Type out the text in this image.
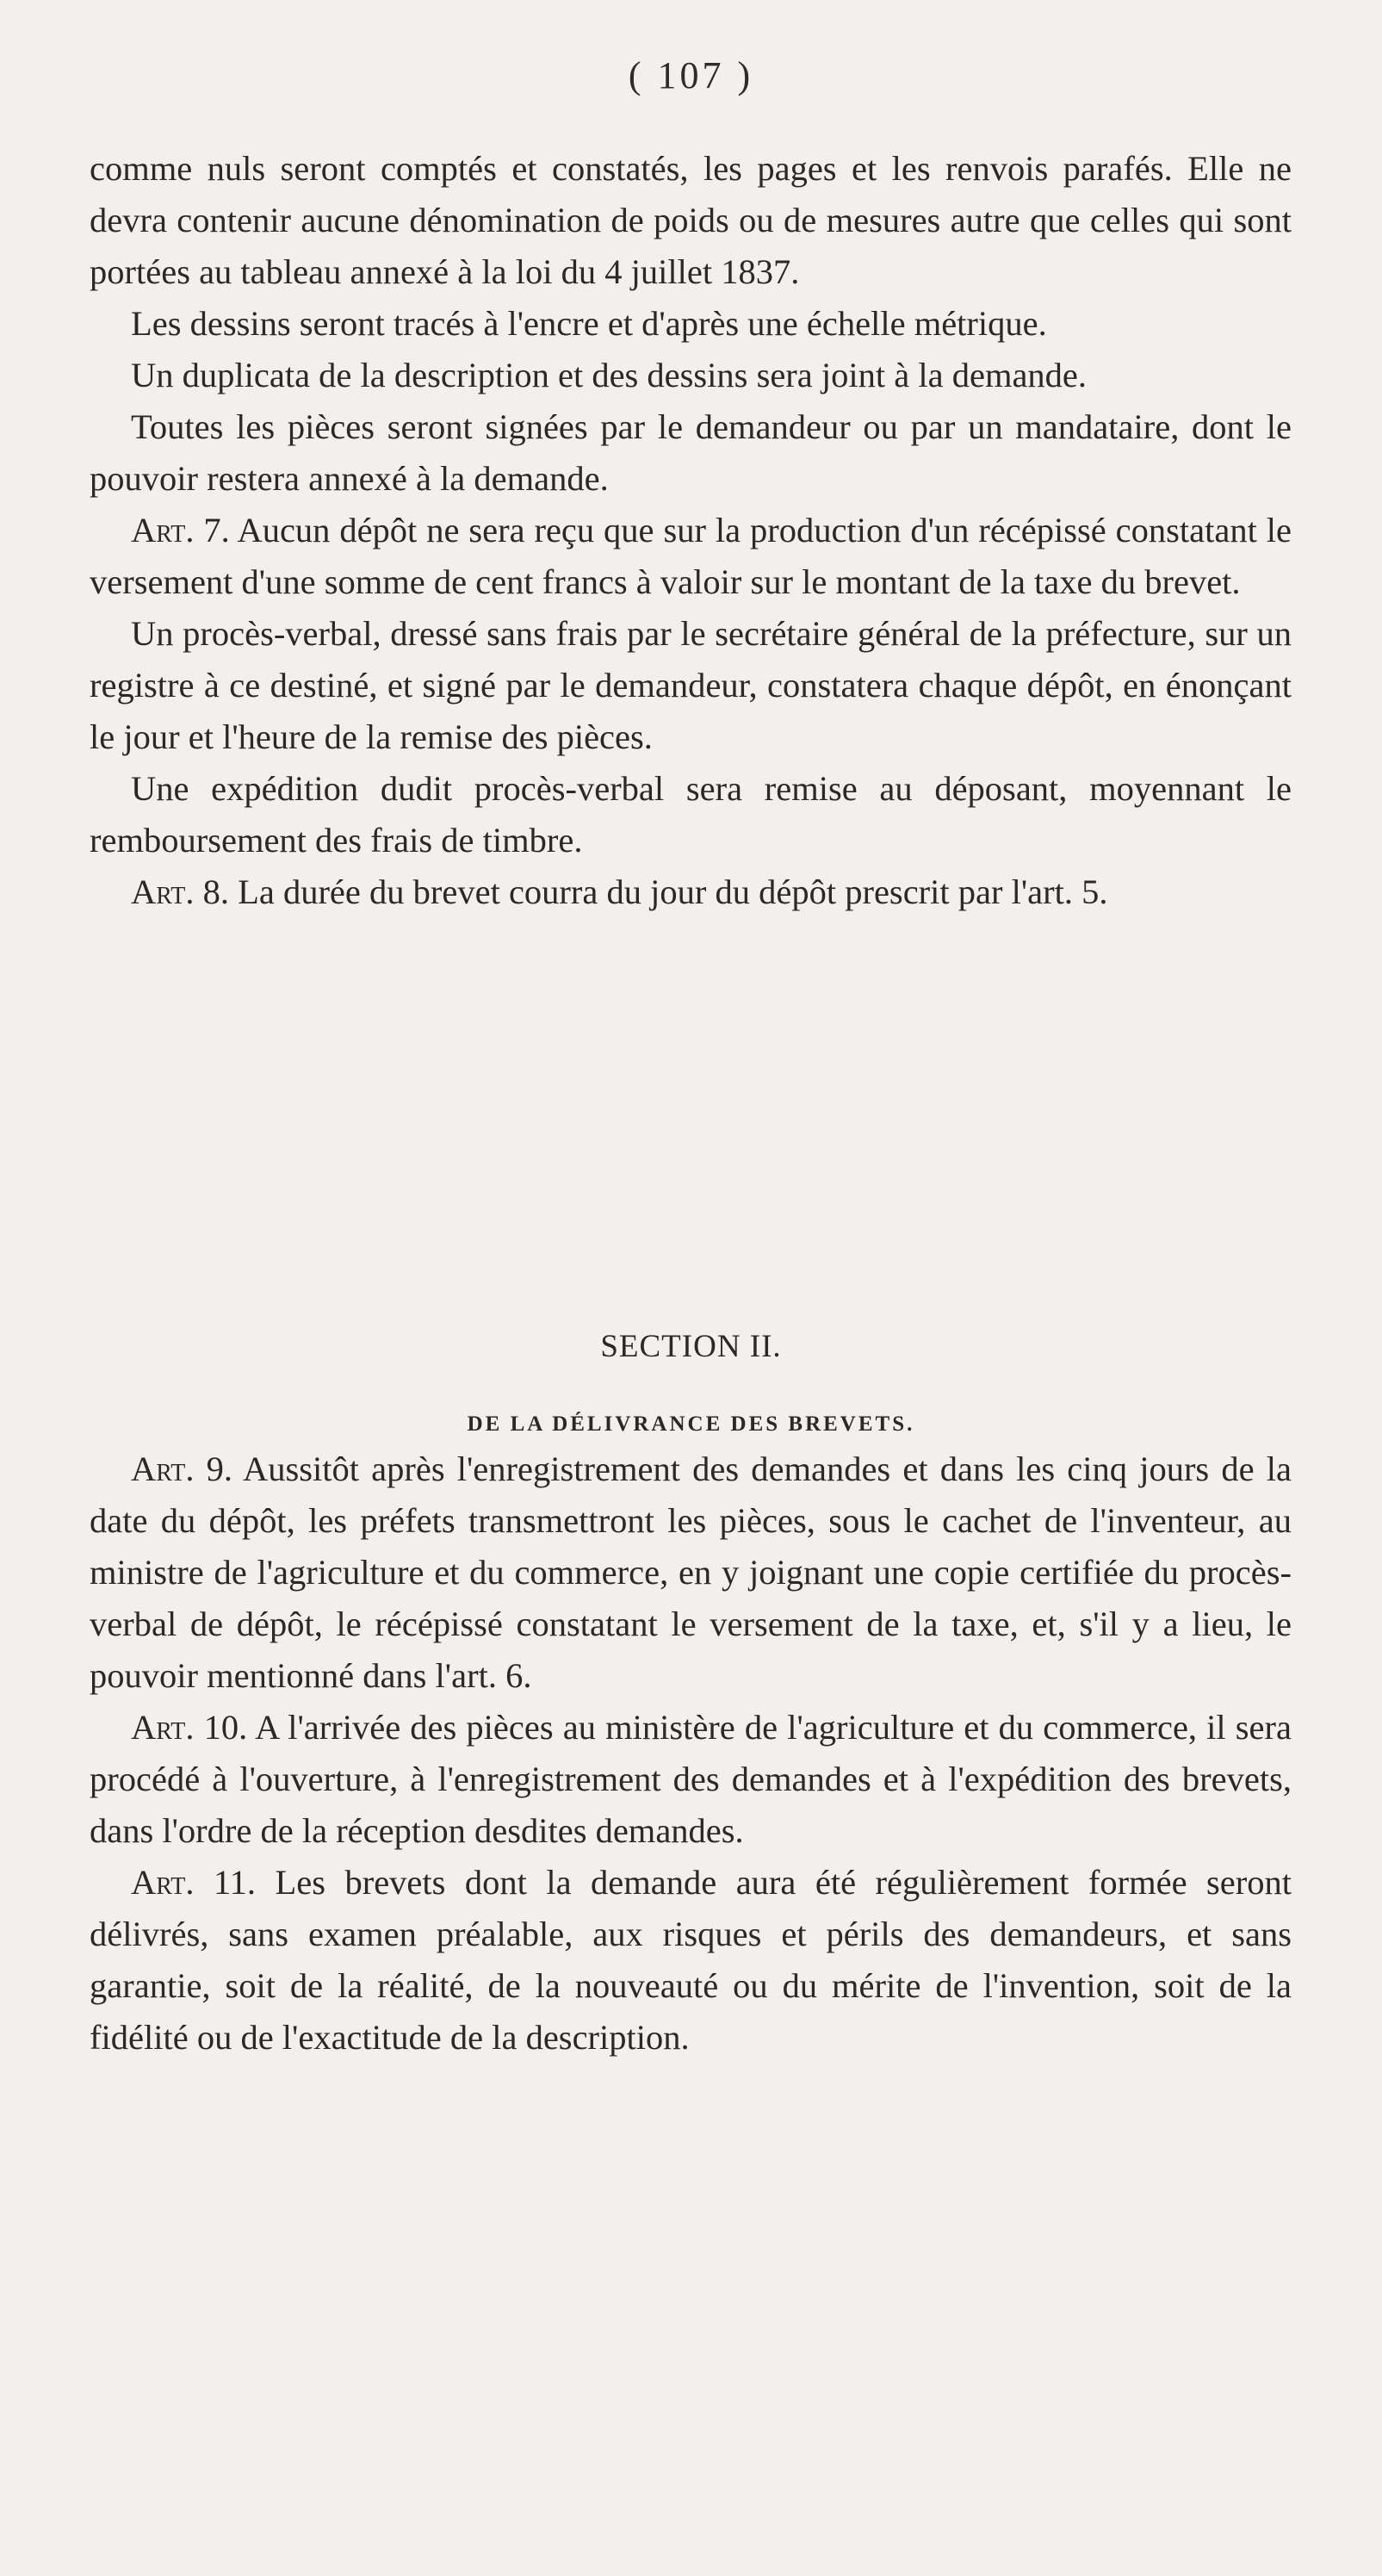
( 107 )

comme nuls seront comptés et constatés, les pages et les renvois parafés. Elle ne devra contenir aucune dénomination de poids ou de mesures autre que celles qui sont portées au tableau annexé à la loi du 4 juillet 1837.

Les dessins seront tracés à l'encre et d'après une échelle métrique.

Un duplicata de la description et des dessins sera joint à la demande.

Toutes les pièces seront signées par le demandeur ou par un mandataire, dont le pouvoir restera annexé à la demande.

Art. 7. Aucun dépôt ne sera reçu que sur la production d'un récépissé constatant le versement d'une somme de cent francs à valoir sur le montant de la taxe du brevet.

Un procès-verbal, dressé sans frais par le secrétaire général de la préfecture, sur un registre à ce destiné, et signé par le demandeur, constatera chaque dépôt, en énonçant le jour et l'heure de la remise des pièces.

Une expédition dudit procès-verbal sera remise au déposant, moyennant le remboursement des frais de timbre.

Art. 8. La durée du brevet courra du jour du dépôt prescrit par l'art. 5.

SECTION II.
DE LA DÉLIVRANCE DES BREVETS.

Art. 9. Aussitôt après l'enregistrement des demandes et dans les cinq jours de la date du dépôt, les préfets transmettront les pièces, sous le cachet de l'inventeur, au ministre de l'agriculture et du commerce, en y joignant une copie certifiée du procès-verbal de dépôt, le récépissé constatant le versement de la taxe, et, s'il y a lieu, le pouvoir mentionné dans l'art. 6.

Art. 10. A l'arrivée des pièces au ministère de l'agriculture et du commerce, il sera procédé à l'ouverture, à l'enregistrement des demandes et à l'expédition des brevets, dans l'ordre de la réception desdites demandes.

Art. 11. Les brevets dont la demande aura été régulièrement formée seront délivrés, sans examen préalable, aux risques et périls des demandeurs, et sans garantie, soit de la réalité, de la nouveauté ou du mérite de l'invention, soit de la fidélité ou de l'exactitude de la description.
